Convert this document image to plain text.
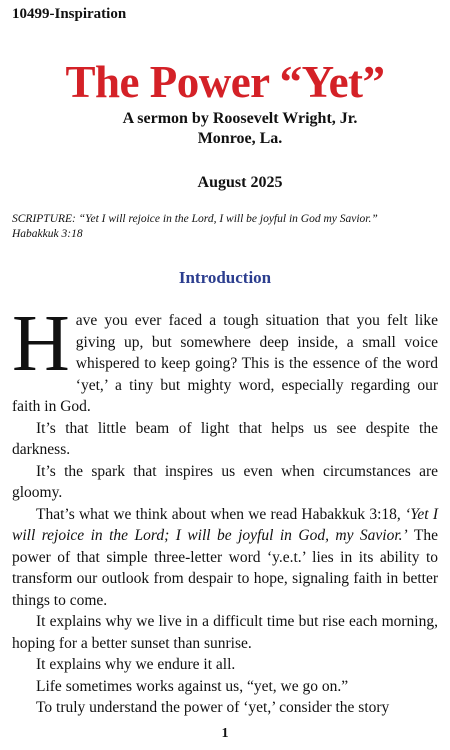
10499-Inspiration
The Power “Yet”
A sermon by Roosevelt Wright, Jr.
Monroe, La.
August 2025
SCRIPTURE: “Yet I will rejoice in the Lord, I will be joyful in God my Savior.”
Habakkuk 3:18
Introduction

Have you ever faced a tough situation that you felt like giving up, but somewhere deep inside, a small voice whispered to keep going? This is the essence of the word ‘yet,’ a tiny but mighty word, especially regarding our faith in God.

It’s that little beam of light that helps us see despite the darkness.

It’s the spark that inspires us even when circumstances are gloomy.

That’s what we think about when we read Habakkuk 3:18, ‘Yet I will rejoice in the Lord; I will be joyful in God, my Savior.’ The power of that simple three-letter word ‘y.e.t.’ lies in its ability to transform our outlook from despair to hope, signaling faith in better things to come.

It explains why we live in a difficult time but rise each morning, hoping for a better sunset than sunrise.

It explains why we endure it all.

Life sometimes works against us, “yet, we go on.”

To truly understand the power of ‘yet,’ consider the story

1
